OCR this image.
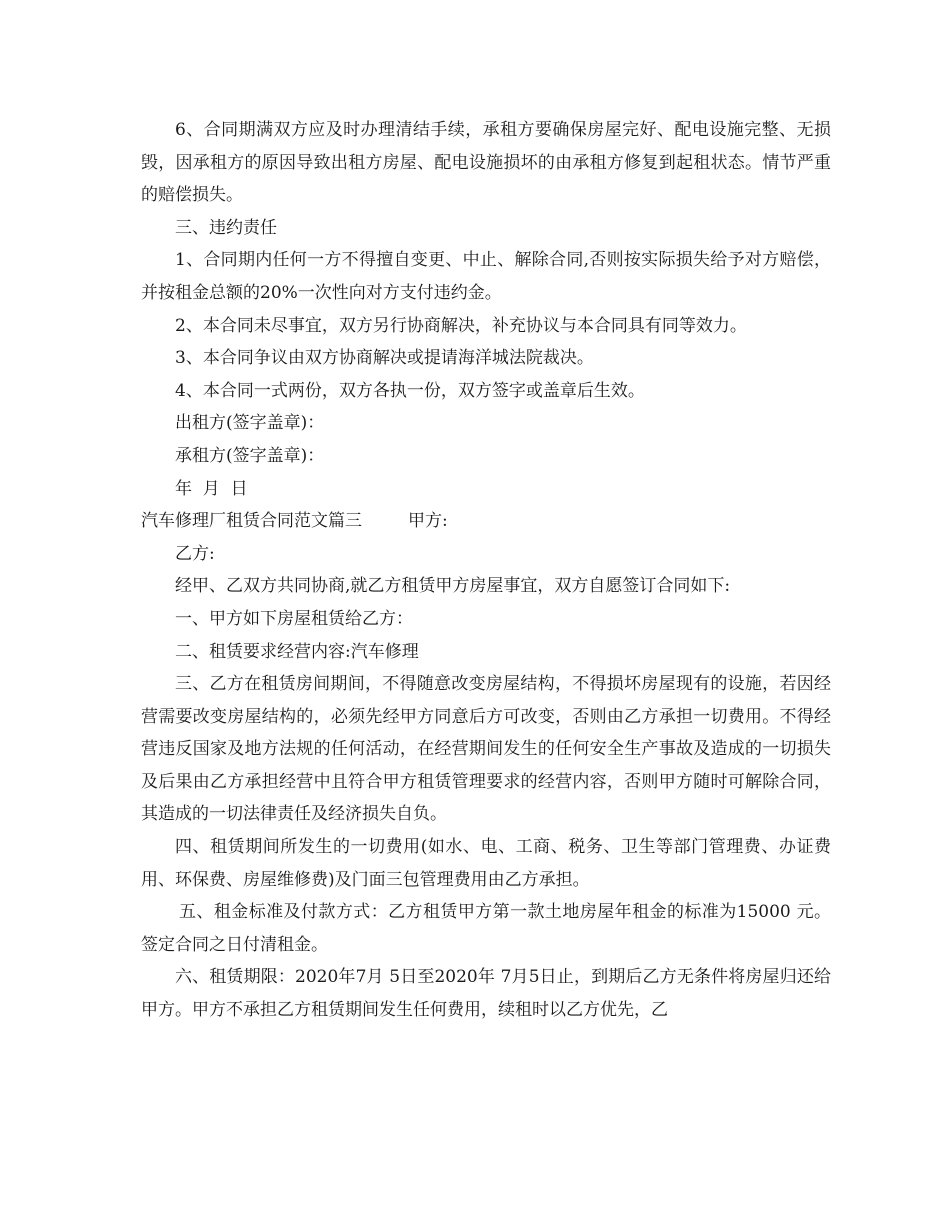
6、合同期满双方应及时办理清结手续，承租方要确保房屋完好、配电设施完整、无损毁，因承租方的原因导致出租方房屋、配电设施损坏的由承租方修复到起租状态。情节严重的赔偿损失。

三、违约责任

1、合同期内任何一方不得擅自变更、中止、解除合同,否则按实际损失给予对方赔偿，并按租金总额的20%一次性向对方支付违约金。

2、本合同未尽事宜，双方另行协商解决，补充协议与本合同具有同等效力。

3、本合同争议由双方协商解决或提请海洋城法院裁决。

4、本合同一式两份，双方各执一份，双方签字或盖章后生效。

出租方(签字盖章)：

承租方(签字盖章)：

年  月  日

汽车修理厂租赁合同范文篇三	甲方:

乙方:

经甲、乙双方共同协商,就乙方租赁甲方房屋事宜，双方自愿签订合同如下:

一、甲方如下房屋租赁给乙方：

二、租赁要求经营内容:汽车修理

三、乙方在租赁房间期间，不得随意改变房屋结构，不得损坏房屋现有的设施，若因经营需要改变房屋结构的，必须先经甲方同意后方可改变，否则由乙方承担一切费用。不得经营违反国家及地方法规的任何活动，在经营期间发生的任何安全生产事故及造成的一切损失及后果由乙方承担经营中且符合甲方租赁管理要求的经营内容，否则甲方随时可解除合同，其造成的一切法律责任及经济损失自负。

四、租赁期间所发生的一切费用(如水、电、工商、税务、卫生等部门管理费、办证费用、环保费、房屋维修费)及门面三包管理费用由乙方承担。

五、租金标准及付款方式：乙方租赁甲方第一款土地房屋年租金的标准为15000 元。签定合同之日付清租金。

六、租赁期限：2020年7月 5日至2020年 7月5日止，到期后乙方无条件将房屋归还给甲方。甲方不承担乙方租赁期间发生任何费用，续租时以乙方优先，乙
